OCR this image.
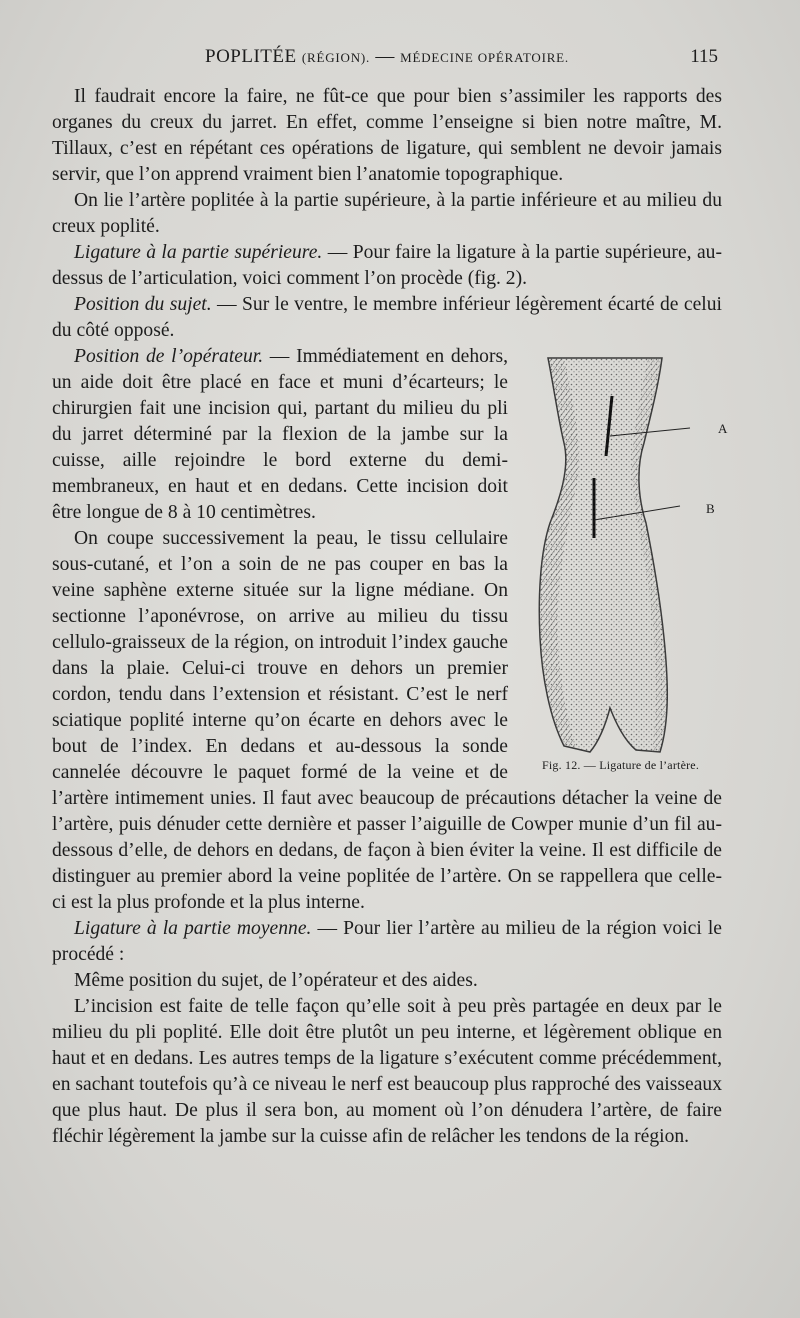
POPLITÉE (RÉGION). — MÉDECINE OPÉRATOIRE.	115

Il faudrait encore la faire, ne fût-ce que pour bien s’assimiler les rapports des organes du creux du jarret. En effet, comme l’enseigne si bien notre maître, M. Tillaux, c’est en répétant ces opérations de ligature, qui semblent ne devoir jamais servir, que l’on apprend vraiment bien l’anatomie topographique.

On lie l’artère poplitée à la partie supérieure, à la partie inférieure et au milieu du creux poplité.

Ligature à la partie supérieure. — Pour faire la ligature à la partie supérieure, au-dessus de l’articulation, voici comment l’on procède (fig. 2).

Position du sujet. — Sur le ventre, le membre inférieur légèrement écarté de celui du côté opposé.

Position de l’opérateur.
A
B
Fig. 12. — Ligature de l’artère.
— Immédiatement en dehors, un aide doit être placé en face et muni d’écarteurs; le chirurgien fait une incision qui, partant du milieu du pli du jarret déterminé par la flexion de la jambe sur la cuisse, aille rejoindre le bord externe du demi-membraneux, en haut et en dedans. Cette incision doit être longue de 8 à 10 centimètres.

On coupe successivement la peau, le tissu cellulaire sous-cutané, et l’on a soin de ne pas couper en bas la veine saphène externe située sur la ligne médiane. On sectionne l’aponévrose, on arrive au milieu du tissu cellulo-graisseux de la région, on introduit l’index gauche dans la plaie. Celui-ci trouve en dehors un premier cordon, tendu dans l’extension et résistant. C’est le nerf sciatique poplité interne qu’on écarte en dehors avec le bout de l’index. En dedans et au-dessous la sonde cannelée découvre le paquet formé de la veine et de l’artère intimement unies. Il faut avec beaucoup de précautions détacher la veine de l’artère, puis dénuder cette dernière et passer l’aiguille de Cowper munie d’un fil au-dessous d’elle, de dehors en dedans, de façon à bien éviter la veine. Il est difficile de distinguer au premier abord la veine poplitée de l’artère. On se rappellera que celle-ci est la plus profonde et la plus interne.

Ligature à la partie moyenne. — Pour lier l’artère au milieu de la région voici le procédé :

Même position du sujet, de l’opérateur et des aides.

L’incision est faite de telle façon qu’elle soit à peu près partagée en deux par le milieu du pli poplité. Elle doit être plutôt un peu interne, et légèrement oblique en haut et en dedans. Les autres temps de la ligature s’exécutent comme précédemment, en sachant toutefois qu’à ce niveau le nerf est beaucoup plus rapproché des vaisseaux que plus haut. De plus il sera bon, au moment où l’on dénudera l’artère, de faire fléchir légèrement la jambe sur la cuisse afin de relâcher les tendons de la région.
